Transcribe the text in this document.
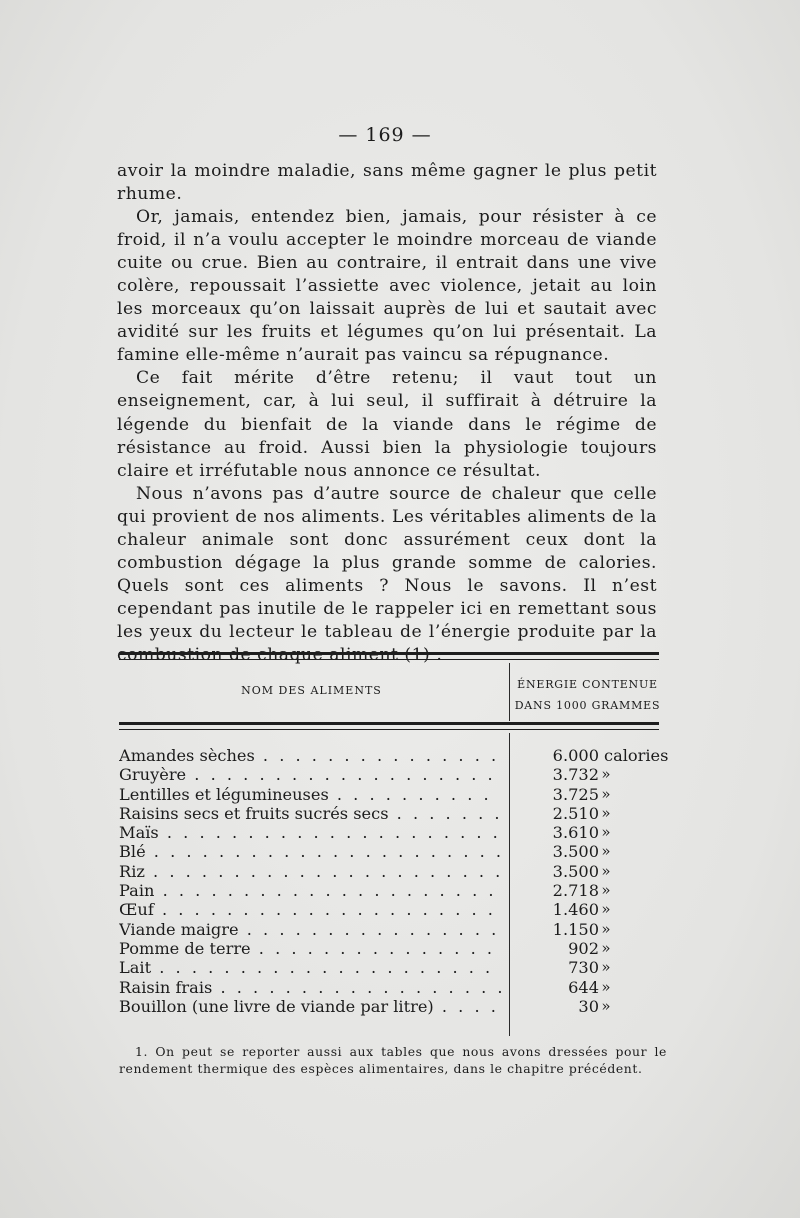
— 169 —

avoir la moindre maladie, sans même gagner le plus petit rhume.

Or, jamais, entendez bien, jamais, pour résister à ce froid, il n’a voulu accepter le moindre morceau de viande cuite ou crue. Bien au contraire, il entrait dans une vive colère, repoussait l’assiette avec violence, jetait au loin les morceaux qu’on laissait auprès de lui et sautait avec avidité sur les fruits et légumes qu’on lui présentait. La famine elle-même n’aurait pas vaincu sa répugnance.

Ce fait mérite d’être retenu; il vaut tout un enseignement, car, à lui seul, il suffirait à détruire la légende du bienfait de la viande dans le régime de résistance au froid. Aussi bien la physiologie toujours claire et irréfutable nous annonce ce résultat.

Nous n’avons pas d’autre source de chaleur que celle qui provient de nos aliments. Les véritables aliments de la chaleur animale sont donc assurément ceux dont la combustion dégage la plus grande somme de calories. Quels sont ces aliments ? Nous le savons. Il n’est cependant pas inutile de le rappeler ici en remettant sous les yeux du lecteur le tableau de l’énergie produite par la combustion de chaque aliment (1) :

NOM DES ALIMENTS	ÉNERGIE CONTENUE
DANS 1000 GRAMMES
Amandes sèches . . .	6.000 calories
Gruyère . . .	3.732 »
Lentilles et légumineuses . . .	3.725 »
Raisins secs et fruits sucrés secs . . .	2.510 »
Maïs . . .	3.610 »
Blé . . .	3.500 »
Riz . . .	3.500 »
Pain . . .	2.718 »
Œuf . . .	1.460 »
Viande maigre . . .	1.150 »
Pomme de terre . . .	902 »
Lait . . .	730 »
Raisin frais . . .	644 »
Bouillon (une livre de viande par litre) . . .	30 »
1. On peut se reporter aussi aux tables que nous avons dressées pour le rendement thermique des espèces alimentaires, dans le chapitre précédent.
